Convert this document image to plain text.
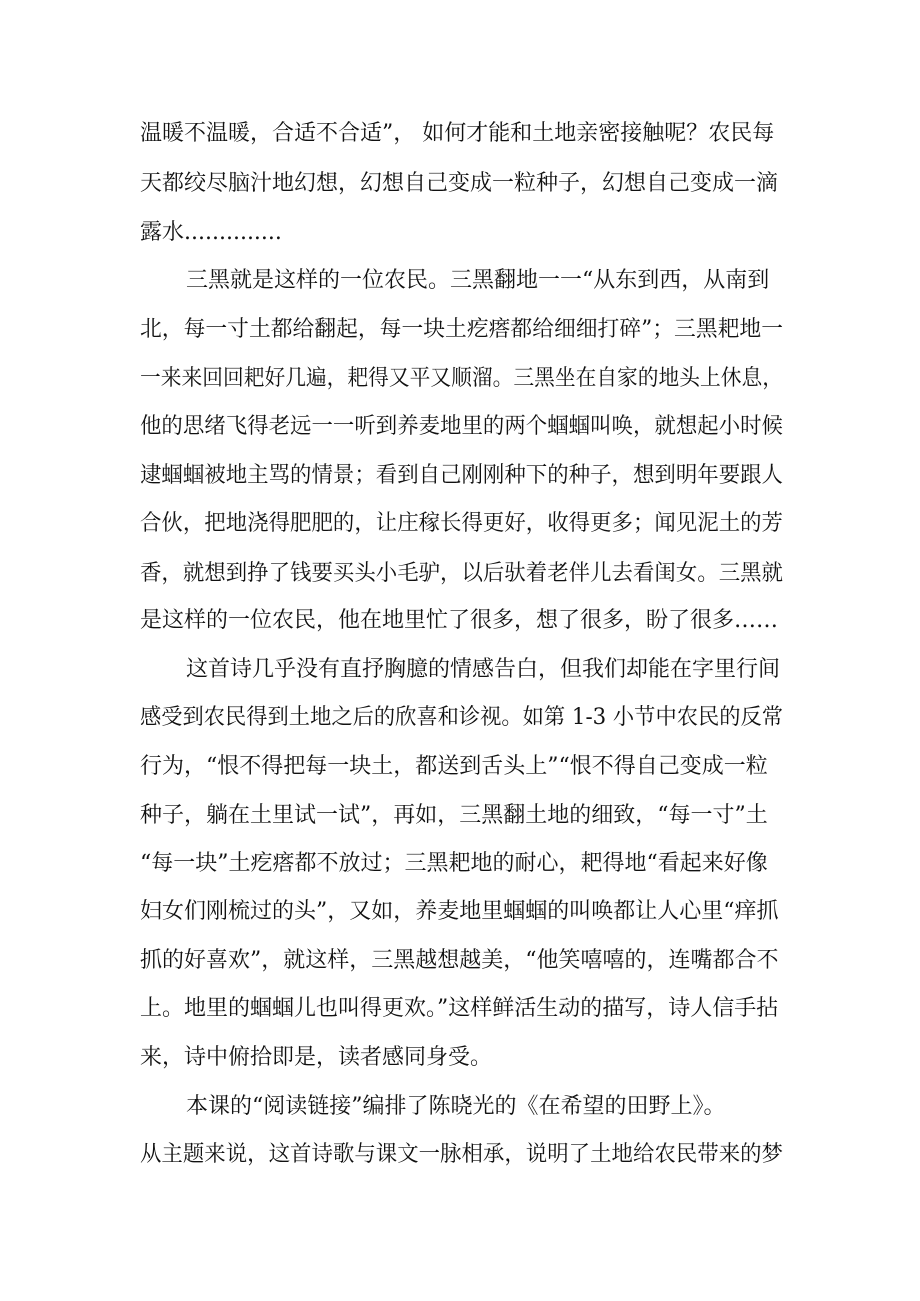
温暖不温暖，合适不合适”， 如何才能和土地亲密接触呢？农民每
天都绞尽脑汁地幻想，幻想自己变成一粒种子，幻想自己变成一滴
露水..............
三黑就是这样的一位农民。三黑翻地一一“从东到西，从南到
北，每一寸土都给翻起，每一块土疙瘩都给细细打碎”；三黑耙地一
一来来回回耙好几遍，耙得又平又顺溜。三黑坐在自家的地头上休息，
他的思绪飞得老远一一听到养麦地里的两个蝈蝈叫唤，就想起小时候
逮蝈蝈被地主骂的情景；看到自己刚刚种下的种子，想到明年要跟人
合伙，把地浇得肥肥的，让庄稼长得更好，收得更多；闻见泥土的芳
香，就想到挣了钱要买头小毛驴，以后驮着老伴儿去看闺女。三黑就
是这样的一位农民，他在地里忙了很多，想了很多，盼了很多……
这首诗几乎没有直抒胸臆的情感告白，但我们却能在字里行间
感受到农民得到土地之后的欣喜和诊视。如第 1-3 小节中农民的反常
行为，“恨不得把每一块土，都送到舌头上”“恨不得自己变成一粒
种子，躺在土里试一试”，再如，三黑翻土地的细致，“每一寸”土
“每一块”土疙瘩都不放过；三黑耙地的耐心，耙得地“看起来好像
妇女们刚梳过的头”，又如，养麦地里蝈蝈的叫唤都让人心里“痒抓
抓的好喜欢”，就这样，三黑越想越美，“他笑嘻嘻的，连嘴都合不
上。地里的蝈蝈儿也叫得更欢。”这样鲜活生动的描写，诗人信手拈
来，诗中俯拾即是，读者感同身受。
本课的“阅读链接”编排了陈晓光的《在希望的田野上》。
从主题来说，这首诗歌与课文一脉相承，说明了土地给农民带来的梦
